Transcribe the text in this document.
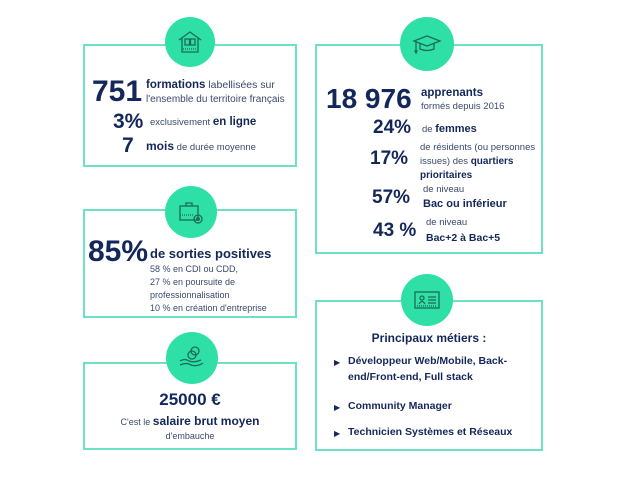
751 formations labellisées sur
l'ensemble du territoire français
3% exclusivement en ligne
7 mois de durée moyenne
18 976 apprenants
formés depuis 2016
24% de femmes
17%
de résidents (ou personnes
issues) des quartiers
prioritaires
57% de niveau
Bac ou inférieur
43 % de niveau
Bac+2 à Bac+5
85% de sorties positives
58 % en CDI ou CDD,
27 % en poursuite de
professionnalisation
10 % en création d'entreprise
25000 €
C'est le salaire brut moyen
d'embauche
Principaux métiers :
▶ Développeur Web/Mobile, Back-
end/Front-end, Full stack
▶ Community Manager
▶ Technicien Systèmes et Réseaux
